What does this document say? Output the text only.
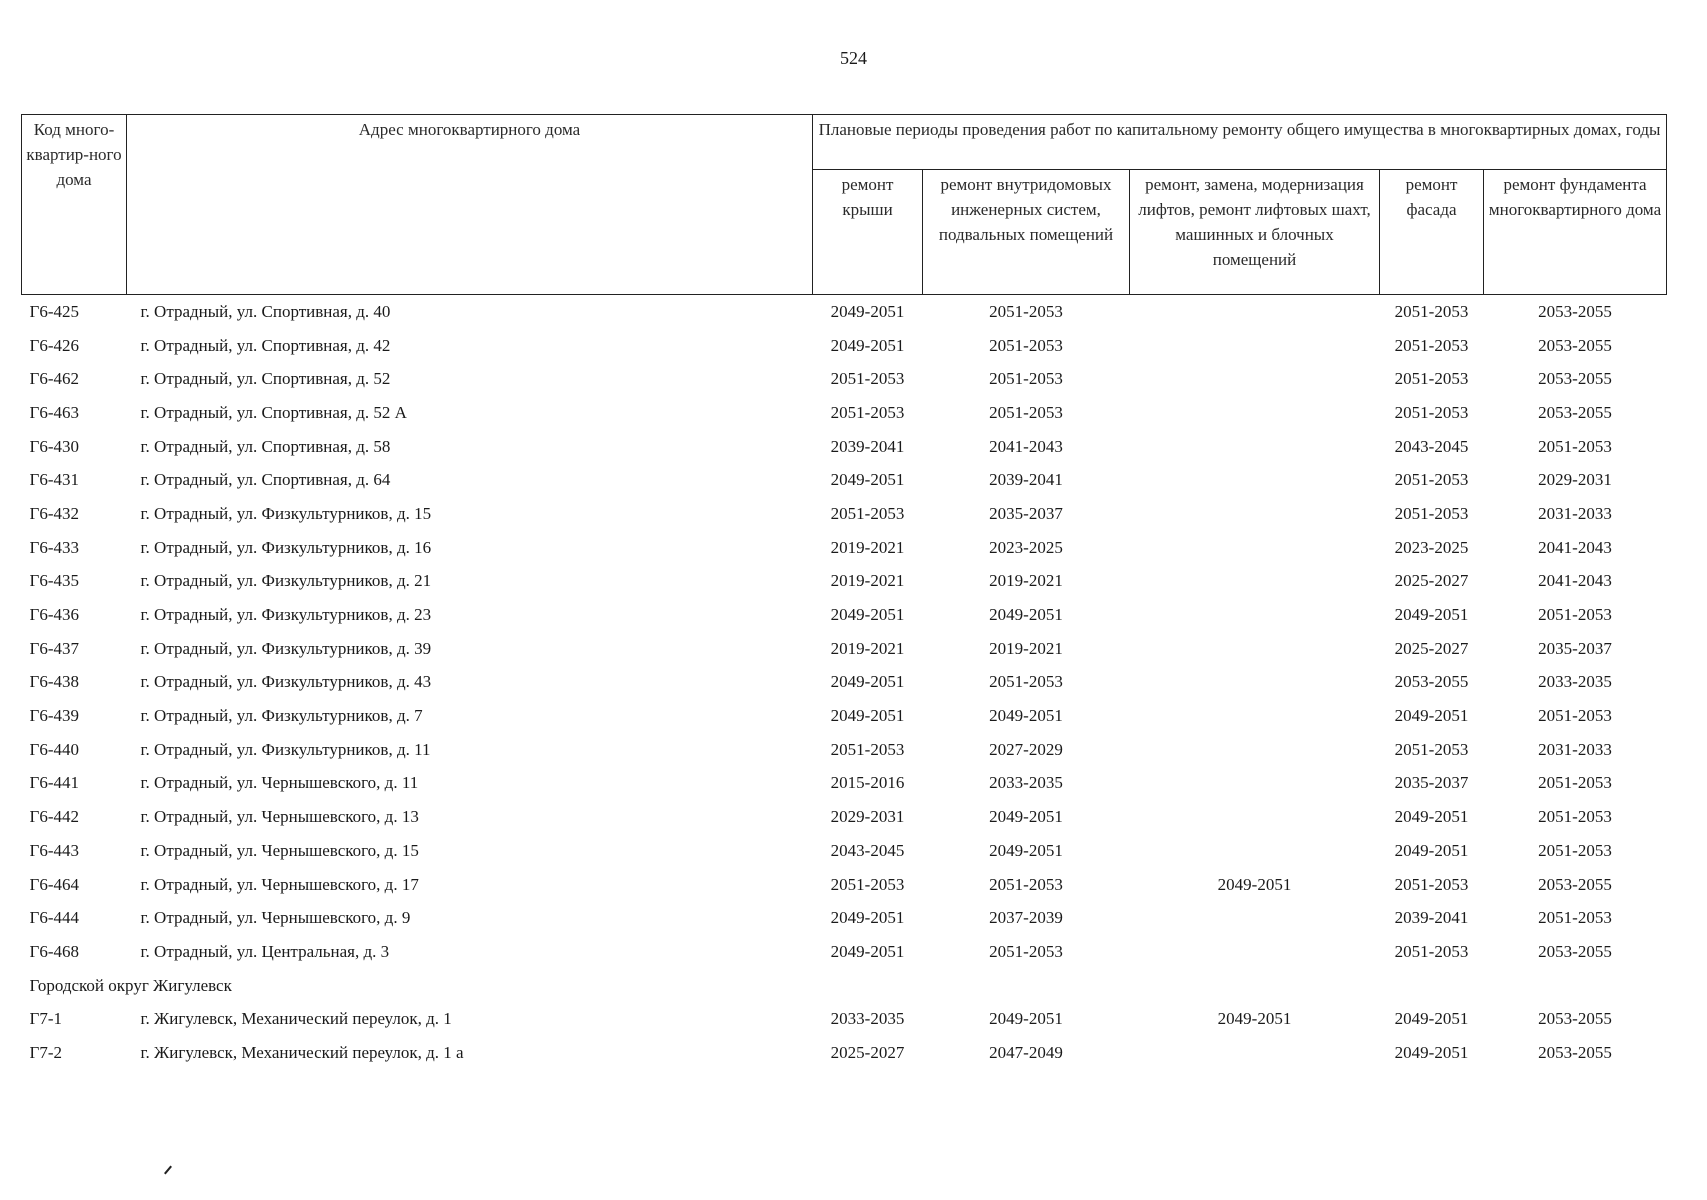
524
Код много-квартир-ного дома	Адрес многоквартирного дома	Плановые периоды проведения работ по капитальному ремонту общего имущества в многоквартирных домах, годы				
		ремонт крыши	ремонт внутридомовых инженерных систем, подвальных помещений	ремонт, замена, модернизация лифтов, ремонт лифтовых шахт, машинных и блочных помещений	ремонт фасада	ремонт фундамента многоквартирного дома
Г6-425	г. Отрадный, ул. Спортивная, д. 40	2049-2051	2051-2053		2051-2053	2053-2055
Г6-426	г. Отрадный, ул. Спортивная, д. 42	2049-2051	2051-2053		2051-2053	2053-2055
Г6-462	г. Отрадный, ул. Спортивная, д. 52	2051-2053	2051-2053		2051-2053	2053-2055
Г6-463	г. Отрадный, ул. Спортивная, д. 52 А	2051-2053	2051-2053		2051-2053	2053-2055
Г6-430	г. Отрадный, ул. Спортивная, д. 58	2039-2041	2041-2043		2043-2045	2051-2053
Г6-431	г. Отрадный, ул. Спортивная, д. 64	2049-2051	2039-2041		2051-2053	2029-2031
Г6-432	г. Отрадный, ул. Физкультурников, д. 15	2051-2053	2035-2037		2051-2053	2031-2033
Г6-433	г. Отрадный, ул. Физкультурников, д. 16	2019-2021	2023-2025		2023-2025	2041-2043
Г6-435	г. Отрадный, ул. Физкультурников, д. 21	2019-2021	2019-2021		2025-2027	2041-2043
Г6-436	г. Отрадный, ул. Физкультурников, д. 23	2049-2051	2049-2051		2049-2051	2051-2053
Г6-437	г. Отрадный, ул. Физкультурников, д. 39	2019-2021	2019-2021		2025-2027	2035-2037
Г6-438	г. Отрадный, ул. Физкультурников, д. 43	2049-2051	2051-2053		2053-2055	2033-2035
Г6-439	г. Отрадный, ул. Физкультурников, д. 7	2049-2051	2049-2051		2049-2051	2051-2053
Г6-440	г. Отрадный, ул. Физкультурников, д. 11	2051-2053	2027-2029		2051-2053	2031-2033
Г6-441	г. Отрадный, ул. Чернышевского, д. 11	2015-2016	2033-2035		2035-2037	2051-2053
Г6-442	г. Отрадный, ул. Чернышевского, д. 13	2029-2031	2049-2051		2049-2051	2051-2053
Г6-443	г. Отрадный, ул. Чернышевского, д. 15	2043-2045	2049-2051		2049-2051	2051-2053
Г6-464	г. Отрадный, ул. Чернышевского, д. 17	2051-2053	2051-2053	2049-2051	2051-2053	2053-2055
Г6-444	г. Отрадный, ул. Чернышевского, д. 9	2049-2051	2037-2039		2039-2041	2051-2053
Г6-468	г. Отрадный, ул. Центральная, д. 3	2049-2051	2051-2053		2051-2053	2053-2055
Городской округ Жигулевск						
Г7-1	г. Жигулевск, Механический переулок, д. 1	2033-2035	2049-2051	2049-2051	2049-2051	2053-2055
Г7-2	г. Жигулевск, Механический переулок, д. 1 а	2025-2027	2047-2049		2049-2051	2053-2055
